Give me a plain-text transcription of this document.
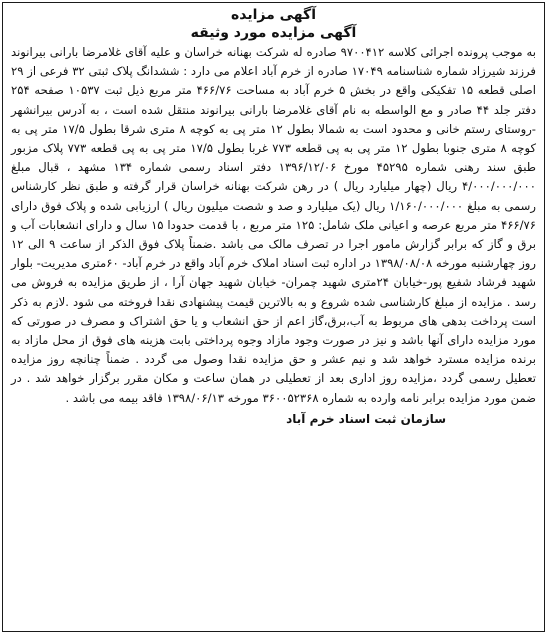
آگهی مزایده
آگهی مزایده مورد وثیقه

به موجب پرونده اجرائی کلاسه ۹۷۰۰۴۱۲ صادره له شرکت بهنانه خراسان و علیه آقای غلامرضا بارانی بیرانوند فرزند شیرزاد شماره شناسنامه ۱۷۰۴۹ صادره از خرم آباد اعلام می دارد : ششدانگ پلاک ثبتی ۳۲ فرعی از ۲۹ اصلی قطعه ۱۵ تفکیکی واقع در بخش ۵ خرم آباد به مساحت ۴۶۶/۷۶ متر مربع ذیل ثبت ۱۰۵۳۷ صفحه ۲۵۴ دفتر جلد ۴۴ صادر و مع الواسطه به نام آقای غلامرضا بارانی بیرانوند منتقل شده است ، به آدرس بیرانشهر -روستای رستم خانی و محدود است به شمالا بطول ۱۲ متر پی به کوچه ۸ متری شرقا بطول ۱۷/۵ متر پی به کوچه ۸ متری جنوبا بطول ۱۲ متر پی به پی قطعه ۷۷۳ غربا بطول ۱۷/۵ متر پی به پی قطعه ۷۷۳ پلاک مزبور طبق سند رهنی شماره ۴۵۲۹۵ مورخ ۱۳۹۶/۱۲/۰۶ دفتر اسناد رسمی شماره ۱۳۴ مشهد ، قبال مبلغ ۴/۰۰۰/۰۰۰/۰۰۰ ریال (چهار میلیارد ریال ) در رهن شرکت بهنانه خراسان قرار گرفته و طبق نظر کارشناس رسمی به مبلغ ۱/۱۶۰/۰۰۰/۰۰۰ ریال (یک میلیارد و صد و شصت میلیون ریال ) ارزیابی شده و پلاک فوق دارای ۴۶۶/۷۶ متر مربع عرصه و اعیانی ملک شامل: ۱۲۵ متر مربع ، با قدمت حدودا ۱۵ سال و دارای انشعابات آب و برق و گاز که برابر گزارش مامور اجرا در تصرف مالک می باشد .ضمناً پلاک فوق الذکر از ساعت ۹ الی ۱۲ روز چهارشنبه مورخه ۱۳۹۸/۰۸/۰۸ در اداره ثبت اسناد املاک خرم آباد واقع در خرم آباد- ۶۰متری مدیریت- بلوار شهید فرشاد شفیع پور-خیابان ۲۴متری شهید چمران- خیابان شهید جهان آرا ، از طریق مزایده به فروش می رسد . مزایده از مبلغ کارشناسی شده شروع و به بالاترین قیمت پیشنهادی نقدا فروخته می شود .لازم به ذکر است پرداخت بدهی های مربوط به آب،برق،گاز اعم از حق انشعاب و یا حق اشتراک و مصرف در صورتی که مورد مزایده دارای آنها باشد و نیز در صورت وجود مازاد وجوه پرداختی بابت هزینه های فوق از محل مازاد به برنده مزایده مسترد خواهد شد و نیم عشر و حق مزایده نقدا وصول می گردد . ضمناً چنانچه روز مزایده تعطیل رسمی گردد ،مزایده روز اداری بعد از تعطیلی در همان ساعت و مکان مقرر برگزار خواهد شد . در ضمن مورد مزایده برابر نامه وارده به شماره ۳۶۰۰۵۲۳۶۸ مورخه ۱۳۹۸/۰۶/۱۳ فاقد بیمه می باشد .

سازمان ثبت اسناد خرم آباد
